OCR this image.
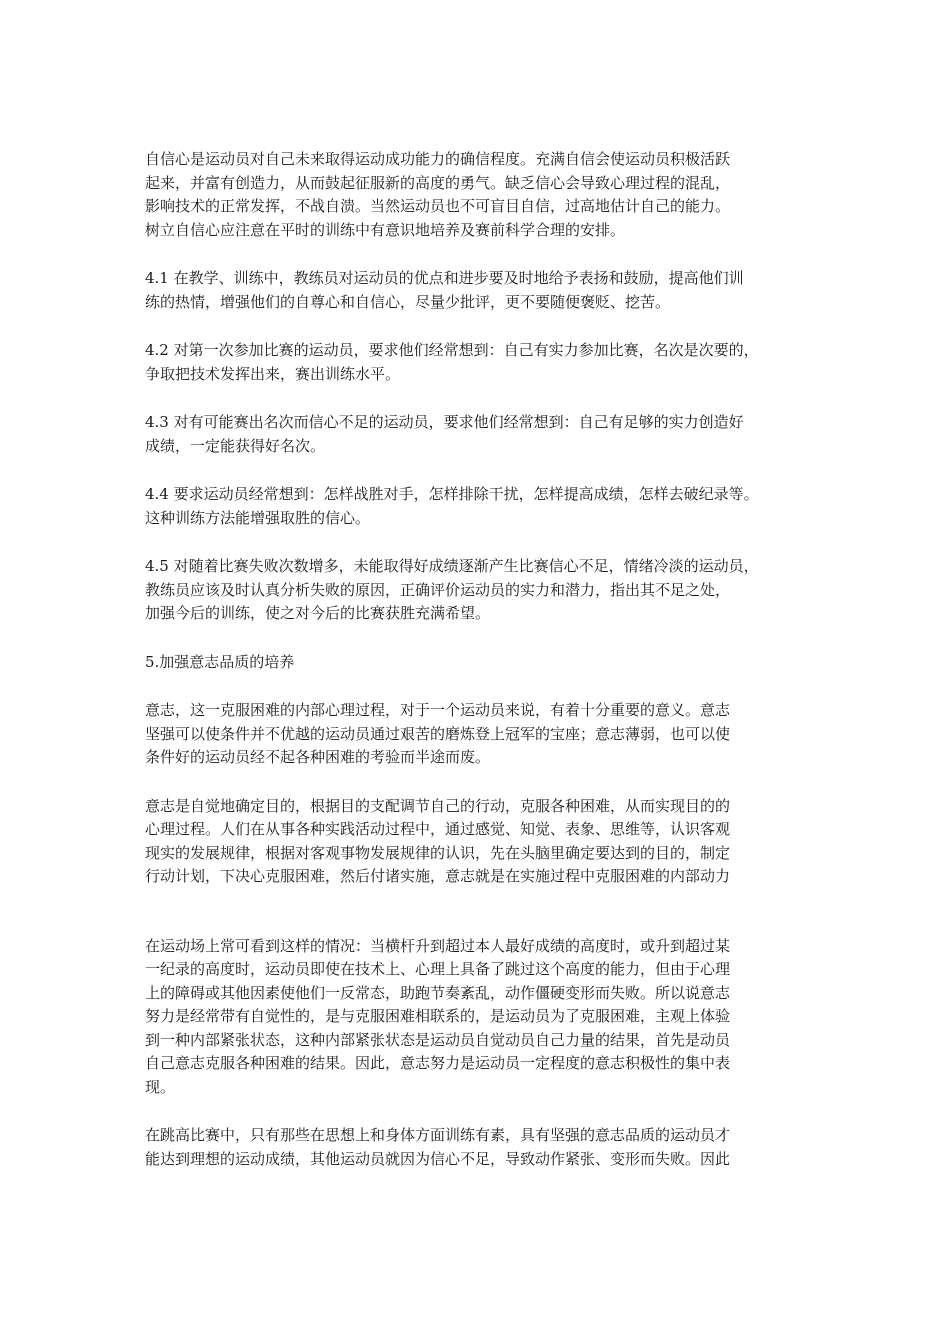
自信心是运动员对自己未来取得运动成功能力的确信程度。充满自信会使运动员积极活跃
起来，并富有创造力，从而鼓起征服新的高度的勇气。缺乏信心会导致心理过程的混乱，
影响技术的正常发挥，不战自溃。当然运动员也不可盲目自信，过高地估计自己的能力。
树立自信心应注意在平时的训练中有意识地培养及赛前科学合理的安排。

4.1 在教学、训练中，教练员对运动员的优点和进步要及时地给予表扬和鼓励，提高他们训
练的热情，增强他们的自尊心和自信心，尽量少批评，更不要随便褒贬、挖苦。

4.2 对第一次参加比赛的运动员，要求他们经常想到：自己有实力参加比赛，名次是次要的，
争取把技术发挥出来，赛出训练水平。

4.3 对有可能赛出名次而信心不足的运动员，要求他们经常想到：自己有足够的实力创造好
成绩，一定能获得好名次。

4.4 要求运动员经常想到：怎样战胜对手，怎样排除干扰，怎样提高成绩，怎样去破纪录等。
这种训练方法能增强取胜的信心。

4.5 对随着比赛失败次数增多，未能取得好成绩逐渐产生比赛信心不足，情绪冷淡的运动员，
教练员应该及时认真分析失败的原因，正确评价运动员的实力和潜力，指出其不足之处，
加强今后的训练，使之对今后的比赛获胜充满希望。

5.加强意志品质的培养

意志，这一克服困难的内部心理过程，对于一个运动员来说，有着十分重要的意义。意志
坚强可以使条件并不优越的运动员通过艰苦的磨炼登上冠军的宝座；意志薄弱，也可以使
条件好的运动员经不起各种困难的考验而半途而废。

意志是自觉地确定目的，根据目的支配调节自己的行动，克服各种困难，从而实现目的的
心理过程。人们在从事各种实践活动过程中，通过感觉、知觉、表象、思维等，认识客观
现实的发展规律，根据对客观事物发展规律的认识，先在头脑里确定要达到的目的，制定
行动计划，下决心克服困难，然后付诸实施，意志就是在实施过程中克服困难的内部动力

在运动场上常可看到这样的情况：当横杆升到超过本人最好成绩的高度时，或升到超过某
一纪录的高度时，运动员即使在技术上、心理上具备了跳过这个高度的能力，但由于心理
上的障碍或其他因素使他们一反常态，助跑节奏紊乱，动作僵硬变形而失败。所以说意志
努力是经常带有自觉性的，是与克服困难相联系的，是运动员为了克服困难，主观上体验
到一种内部紧张状态，这种内部紧张状态是运动员自觉动员自己力量的结果，首先是动员
自己意志克服各种困难的结果。因此，意志努力是运动员一定程度的意志积极性的集中表
现。

在跳高比赛中，只有那些在思想上和身体方面训练有素，具有坚强的意志品质的运动员才
能达到理想的运动成绩，其他运动员就因为信心不足，导致动作紧张、变形而失败。因此
